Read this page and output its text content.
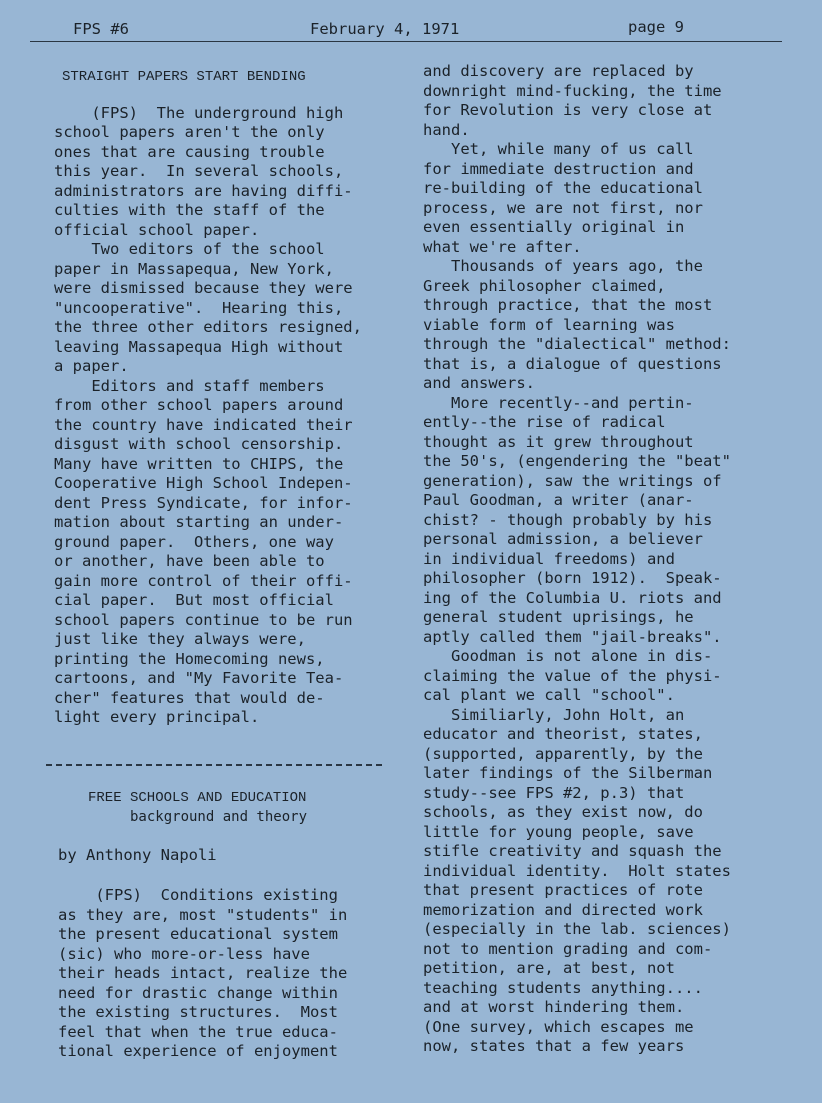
FPS #6	February 4, 1971	page 9

STRAIGHT PAPERS START BENDING

(FPS)  The underground high

school papers aren't the only

ones that are causing trouble

this year.  In several schools,

administrators are having diffi-

culties with the staff of the

official school paper.

Two editors of the school

paper in Massapequa, New York,

were dismissed because they were

"uncooperative".  Hearing this,

the three other editors resigned,

leaving Massapequa High without

a paper.

Editors and staff members

from other school papers around

the country have indicated their

disgust with school censorship.

Many have written to CHIPS, the

Cooperative High School Indepen-

dent Press Syndicate, for infor-

mation about starting an under-

ground paper.  Others, one way

or another, have been able to

gain more control of their offi-

cial paper.  But most official

school papers continue to be run

just like they always were,

printing the Homecoming news,

cartoons, and "My Favorite Tea-

cher" features that would de-

light every principal.

FREE SCHOOLS AND EDUCATION

background and theory

by Anthony Napoli

(FPS)  Conditions existing

as they are, most "students" in

the present educational system

(sic) who more-or-less have

their heads intact, realize the

need for drastic change within

the existing structures.  Most

feel that when the true educa-

tional experience of enjoyment

and discovery are replaced by

downright mind-fucking, the time

for Revolution is very close at

hand.

Yet, while many of us call

for immediate destruction and

re-building of the educational

process, we are not first, nor

even essentially original in

what we're after.

Thousands of years ago, the

Greek philosopher claimed,

through practice, that the most

viable form of learning was

through the "dialectical" method:

that is, a dialogue of questions

and answers.

More recently--and pertin-

ently--the rise of radical

thought as it grew throughout

the 50's, (engendering the "beat"

generation), saw the writings of

Paul Goodman, a writer (anar-

chist? - though probably by his

personal admission, a believer

in individual freedoms) and

philosopher (born 1912).  Speak-

ing of the Columbia U. riots and

general student uprisings, he

aptly called them "jail-breaks".

Goodman is not alone in dis-

claiming the value of the physi-

cal plant we call "school".

Similiarly, John Holt, an

educator and theorist, states,

(supported, apparently, by the

later findings of the Silberman

study--see FPS #2, p.3) that

schools, as they exist now, do

little for young people, save

stifle creativity and squash the

individual identity.  Holt states

that present practices of rote

memorization and directed work

(especially in the lab. sciences)

not to mention grading and com-

petition, are, at best, not

teaching students anything....

and at worst hindering them.

(One survey, which escapes me

now, states that a few years
